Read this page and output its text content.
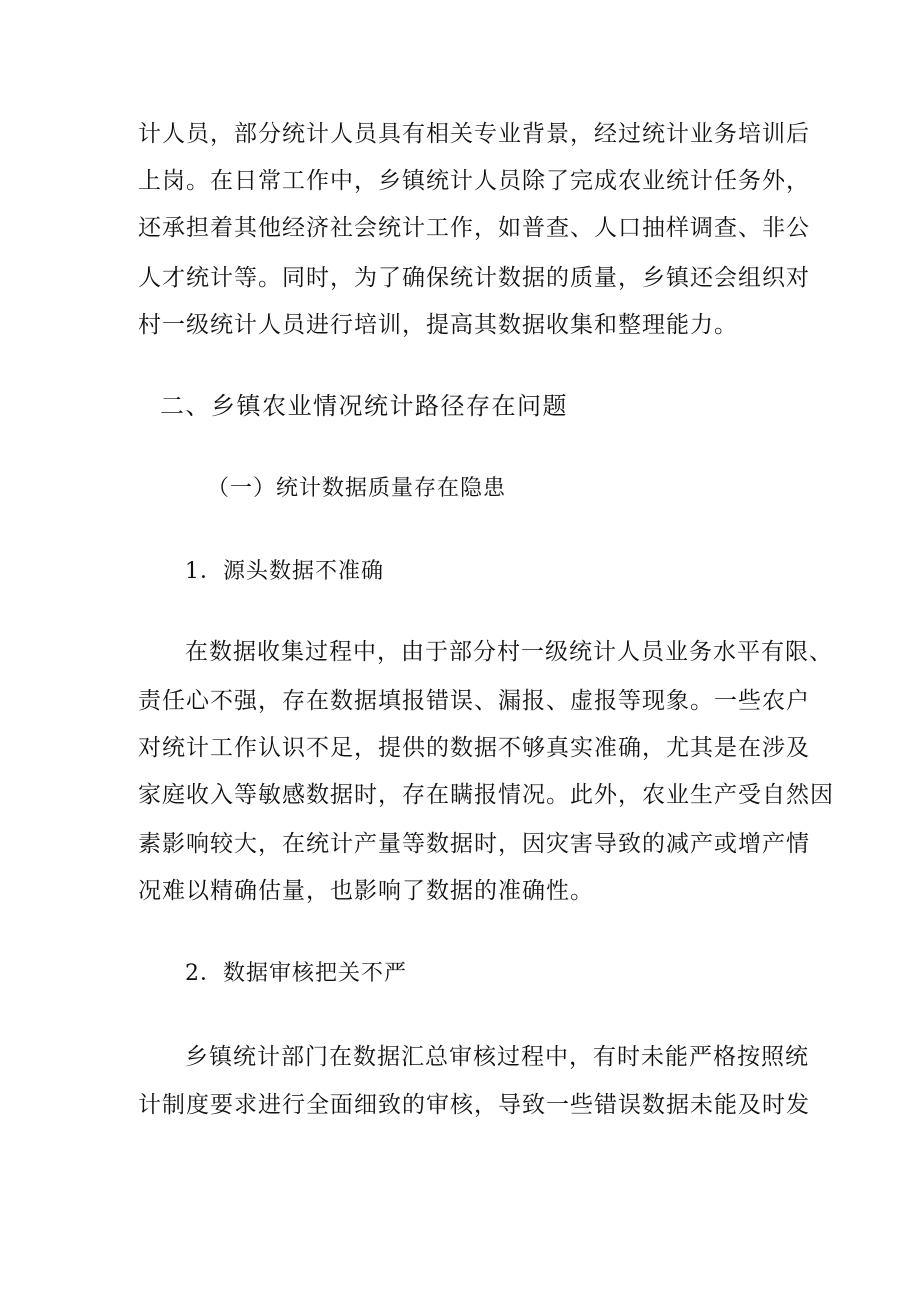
计人员，部分统计人员具有相关专业背景，经过统计业务培训后
上岗。在日常工作中，乡镇统计人员除了完成农业统计任务外，
还承担着其他经济社会统计工作，如普查、人口抽样调查、非公
人才统计等。同时，为了确保统计数据的质量，乡镇还会组织对
村一级统计人员进行培训，提高其数据收集和整理能力。
二、乡镇农业情况统计路径存在问题
（一）统计数据质量存在隐患
1．源头数据不准确
在数据收集过程中，由于部分村一级统计人员业务水平有限、
责任心不强，存在数据填报错误、漏报、虚报等现象。一些农户
对统计工作认识不足，提供的数据不够真实准确，尤其是在涉及
家庭收入等敏感数据时，存在瞒报情况。此外，农业生产受自然因
素影响较大，在统计产量等数据时，因灾害导致的减产或增产情
况难以精确估量，也影响了数据的准确性。
2．数据审核把关不严
乡镇统计部门在数据汇总审核过程中，有时未能严格按照统
计制度要求进行全面细致的审核，导致一些错误数据未能及时发
